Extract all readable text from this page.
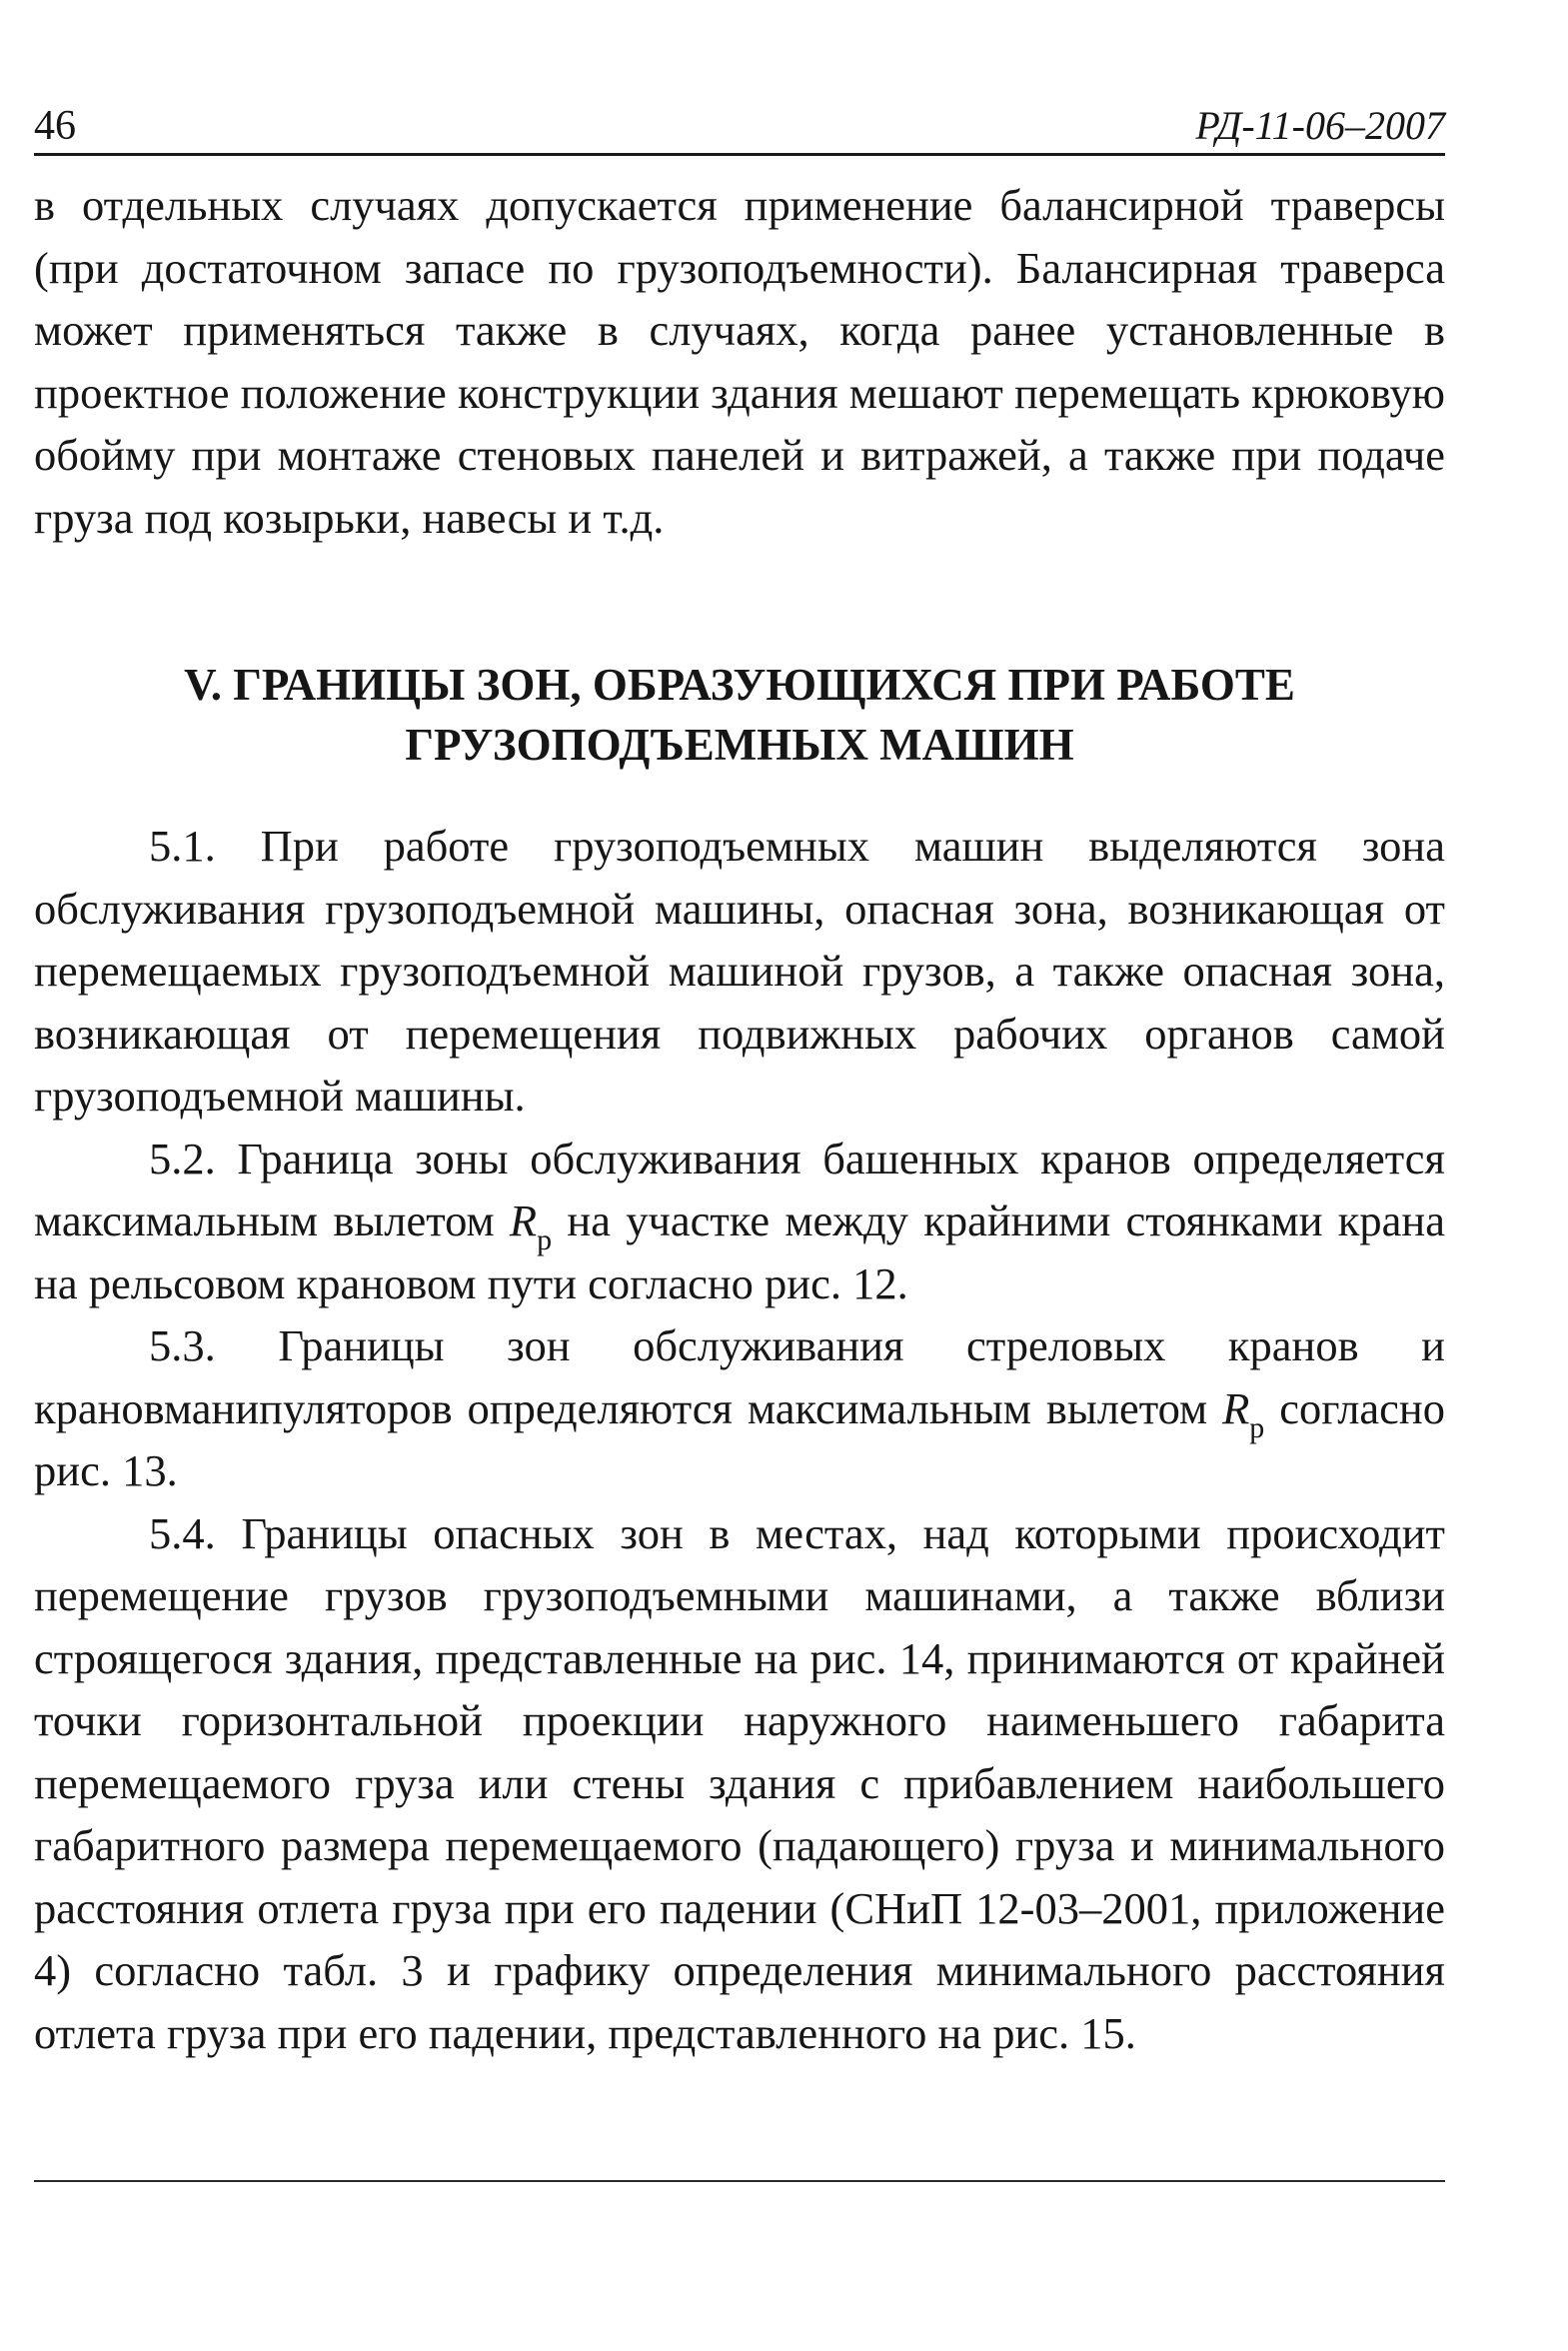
46	РД-11-06–2007

в отдельных случаях допускается применение балансирной траверсы (при достаточном запасе по грузоподъемности). Балансирная траверса может применяться также в случаях, когда ранее установленные в проектное положение конструкции здания мешают перемещать крюковую обойму при монтаже стеновых панелей и витражей, а также при подаче груза под козырьки, навесы и т.д.

V. ГРАНИЦЫ ЗОН, ОБРАЗУЮЩИХСЯ ПРИ РАБОТЕ
ГРУЗОПОДЪЕМНЫХ МАШИН

5.1. При работе грузоподъемных машин выделяются зона обслуживания грузоподъемной машины, опасная зона, возникающая от перемещаемых грузоподъемной машиной грузов, а также опасная зона, возникающая от перемещения подвижных рабочих органов самой грузоподъемной машины.

5.2. Граница зоны обслуживания башенных кранов определяется максимальным вылетом $R_р$ на участке между крайними стоянками крана на рельсовом крановом пути согласно рис. 12.

5.3. Границы зон обслуживания стреловых кранов и крановманипуляторов определяются максимальным вылетом $R_р$ согласно рис. 13.

5.4. Границы опасных зон в местах, над которыми происходит перемещение грузов грузоподъемными машинами, а также вблизи строящегося здания, представленные на рис. 14, принимаются от крайней точки горизонтальной проекции наружного наименьшего габарита перемещаемого груза или стены здания с прибавлением наибольшего габаритного размера перемещаемого (падающего) груза и минимального расстояния отлета груза при его падении (СНиП 12-03–2001, приложение 4) согласно табл. 3 и графику определения минимального расстояния отлета груза при его падении, представленного на рис. 15.
